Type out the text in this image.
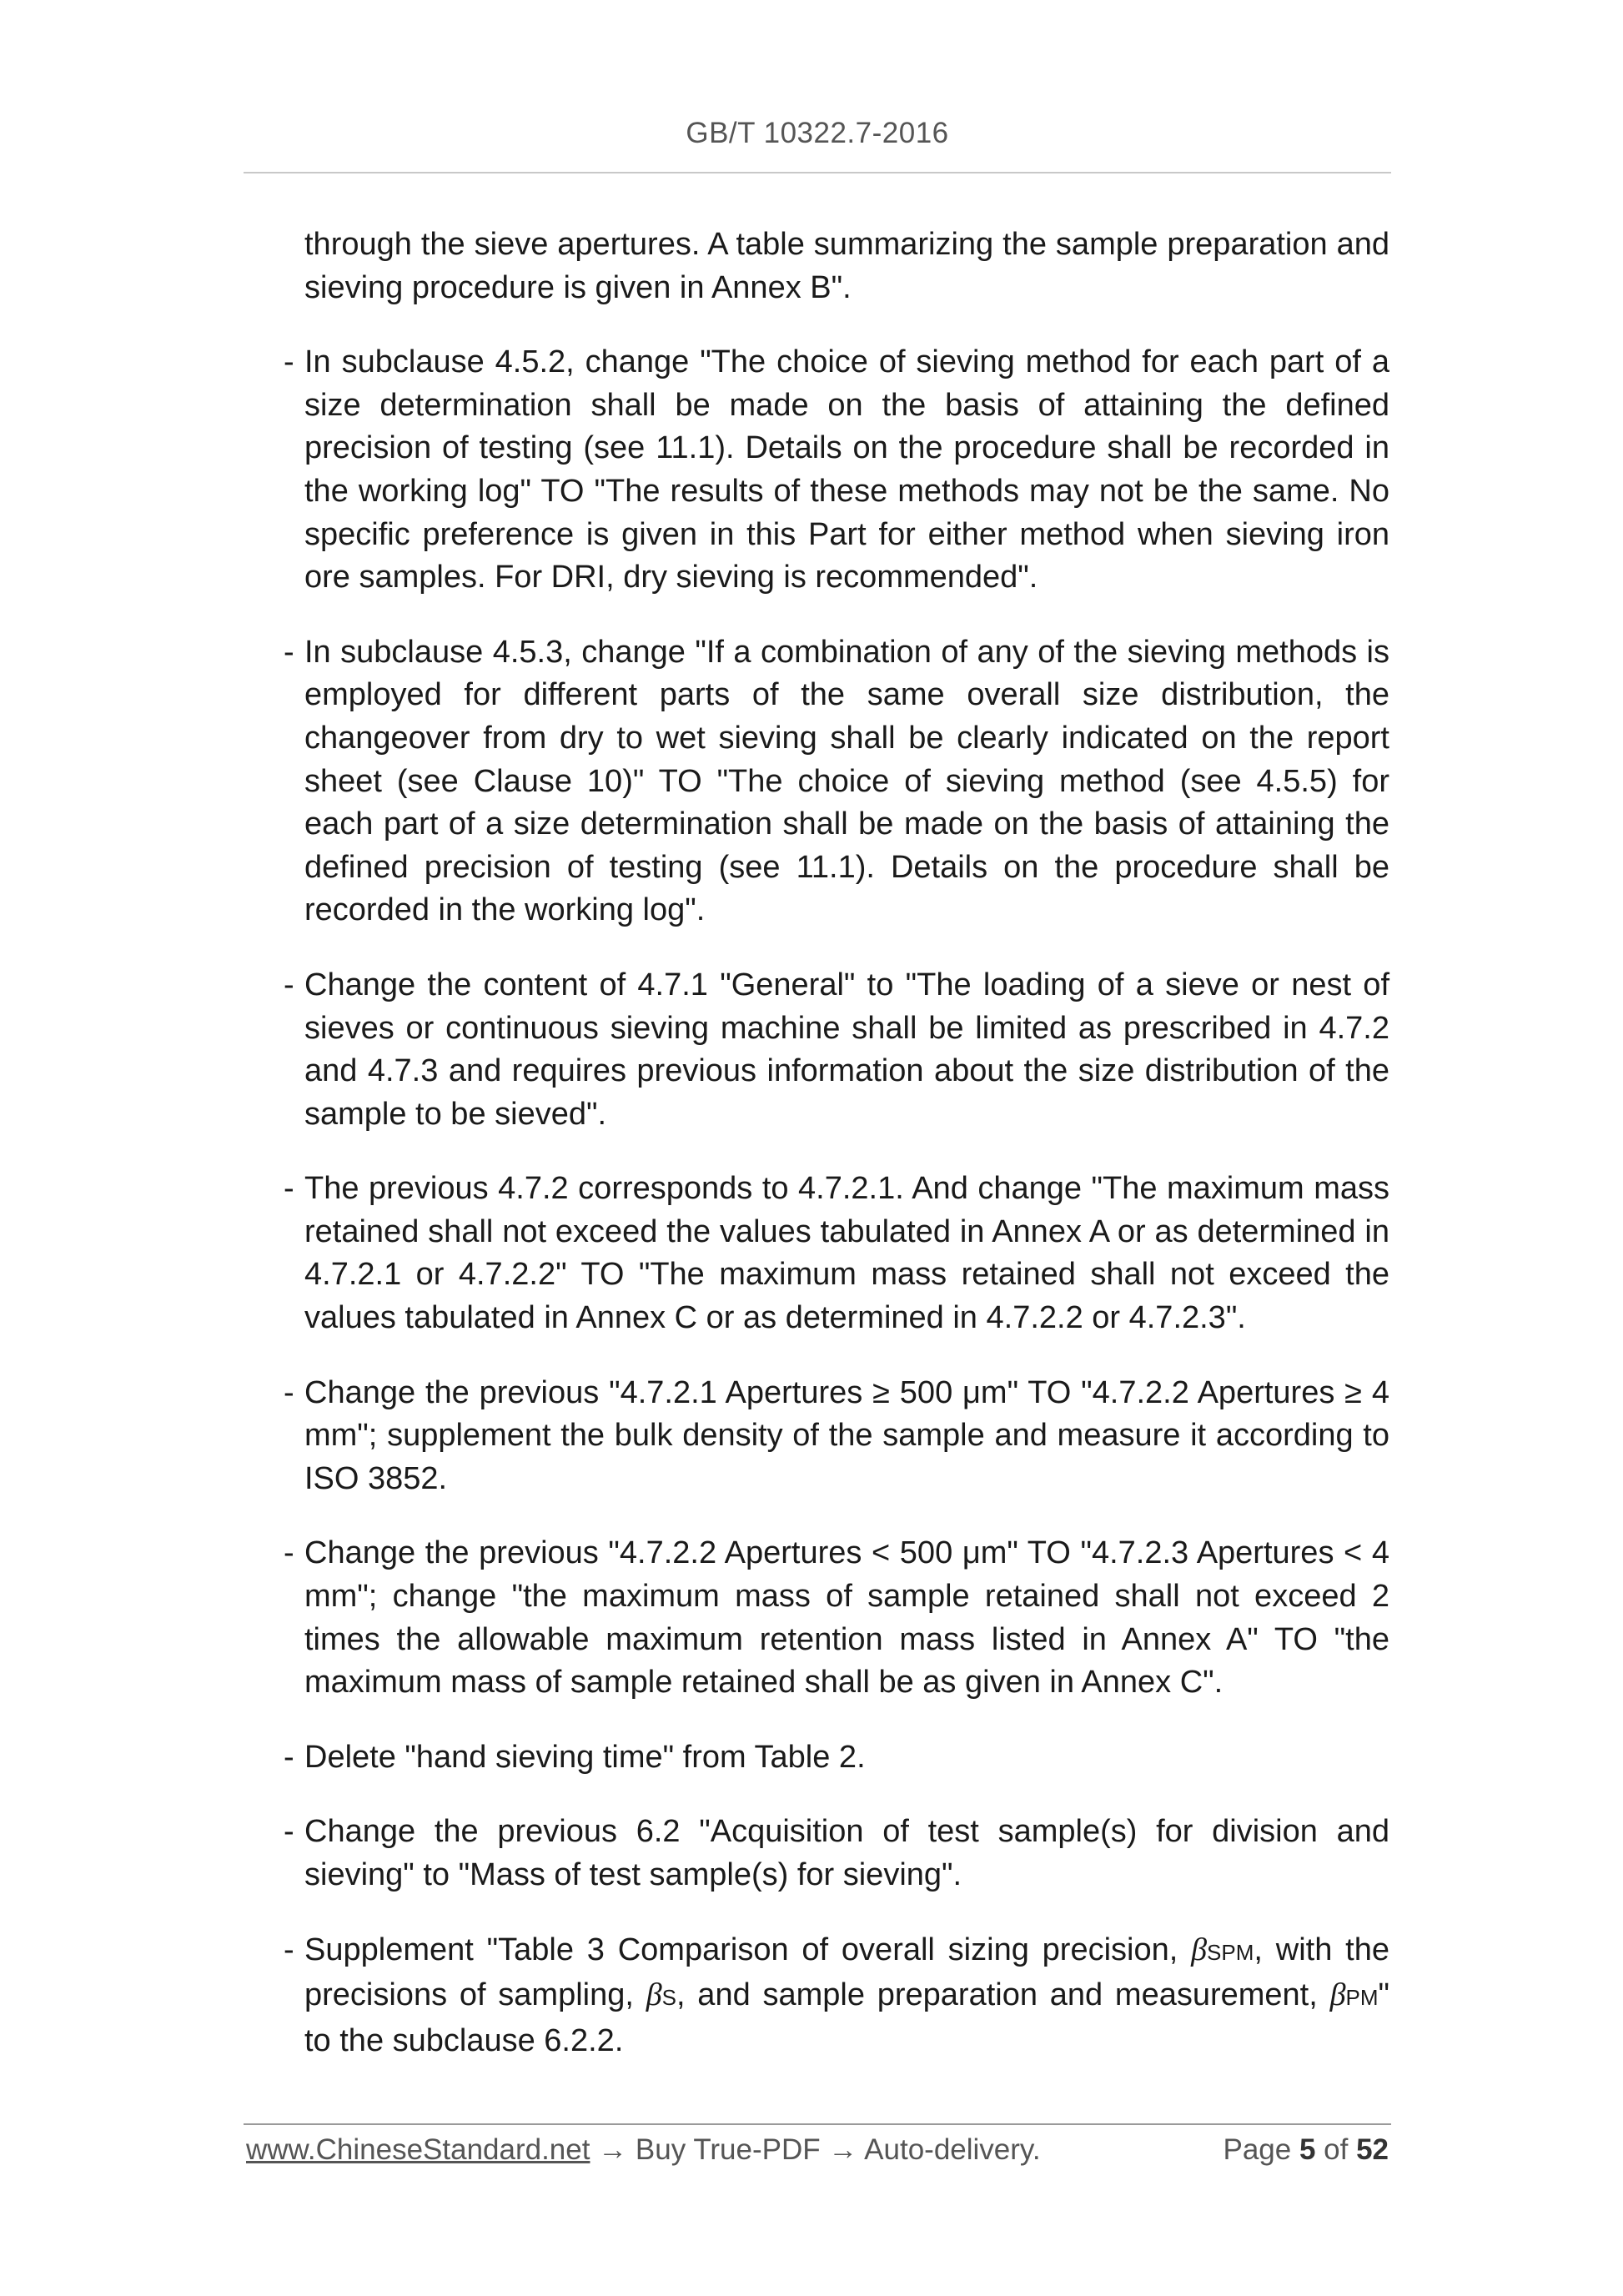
GB/T 10322.7-2016

through the sieve apertures. A table summarizing the sample preparation and sieving procedure is given in Annex B".

- In subclause 4.5.2, change "The choice of sieving method for each part of a size determination shall be made on the basis of attaining the defined precision of testing (see 11.1). Details on the procedure shall be recorded in the working log" TO "The results of these methods may not be the same. No specific preference is given in this Part for either method when sieving iron ore samples. For DRI, dry sieving is recommended".
- In subclause 4.5.3, change "If a combination of any of the sieving methods is employed for different parts of the same overall size distribution, the changeover from dry to wet sieving shall be clearly indicated on the report sheet (see Clause 10)" TO "The choice of sieving method (see 4.5.5) for each part of a size determination shall be made on the basis of attaining the defined precision of testing (see 11.1). Details on the procedure shall be recorded in the working log".
- Change the content of 4.7.1 "General" to "The loading of a sieve or nest of sieves or continuous sieving machine shall be limited as prescribed in 4.7.2 and 4.7.3 and requires previous information about the size distribution of the sample to be sieved".
- The previous 4.7.2 corresponds to 4.7.2.1. And change "The maximum mass retained shall not exceed the values tabulated in Annex A or as determined in 4.7.2.1 or 4.7.2.2" TO "The maximum mass retained shall not exceed the values tabulated in Annex C or as determined in 4.7.2.2 or 4.7.2.3".
- Change the previous "4.7.2.1 Apertures ≥ 500 μm" TO "4.7.2.2 Apertures ≥ 4 mm"; supplement the bulk density of the sample and measure it according to ISO 3852.
- Change the previous "4.7.2.2 Apertures < 500 μm" TO "4.7.2.3 Apertures < 4 mm"; change "the maximum mass of sample retained shall not exceed 2 times the allowable maximum retention mass listed in Annex A" TO "the maximum mass of sample retained shall be as given in Annex C".
- Delete "hand sieving time" from Table 2.
- Change the previous 6.2 "Acquisition of test sample(s) for division and sieving" to "Mass of test sample(s) for sieving".
- Supplement "Table 3 Comparison of overall sizing precision, βSPM, with the precisions of sampling, βS, and sample preparation and measurement, βPM" to the subclause 6.2.2.
www.ChineseStandard.net → Buy True-PDF → Auto-delivery.	Page 5 of 52
